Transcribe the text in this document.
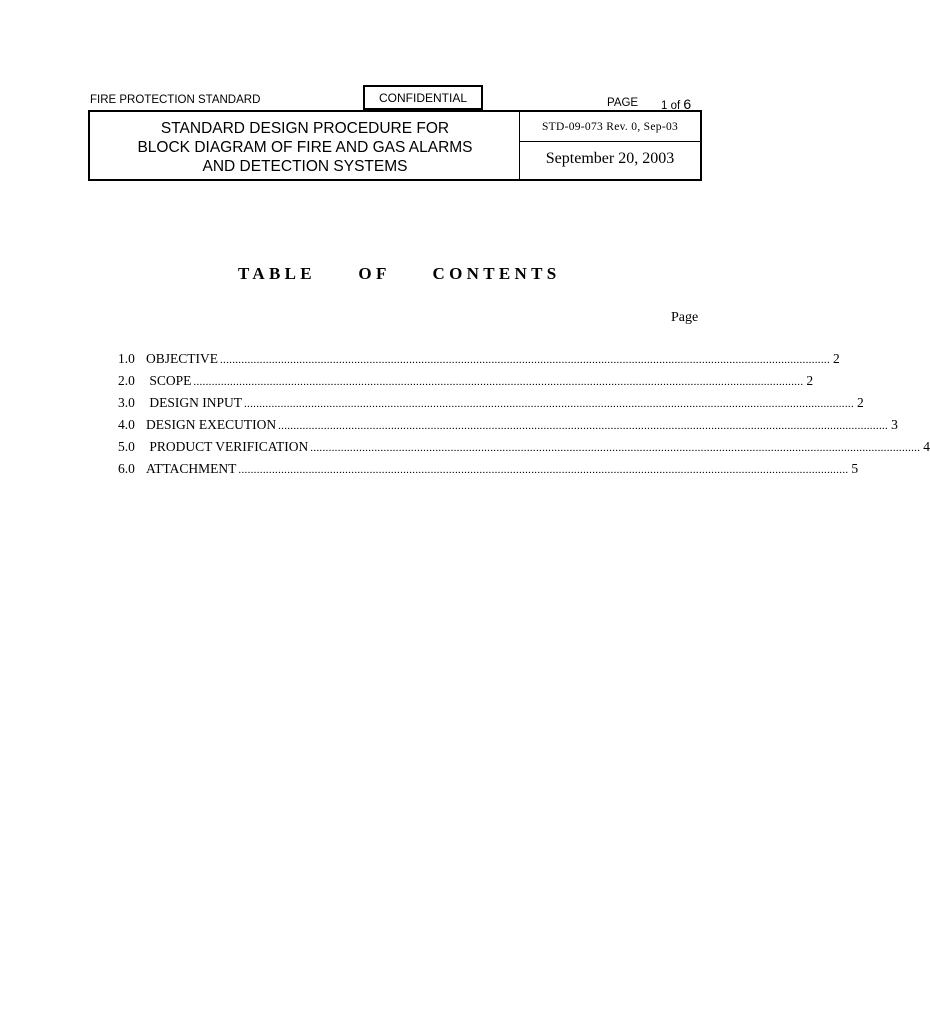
FIRE PROTECTION STANDARD	CONFIDENTIAL	PAGE 1 of 6
STANDARD DESIGN PROCEDURE FOR
BLOCK DIAGRAM OF FIRE AND GAS ALARMS
AND DETECTION SYSTEMS
STD-09-073 Rev. 0, Sep-03
September 20, 2003
TABLE OF CONTENTS
Page
1.0 OBJECTIVE ........................................................................................................................................................................................................ 2
2.0 SCOPE ........................................................................................................................................................................................................ 2
3.0 DESIGN INPUT ........................................................................................................................................................................................................ 2
4.0 DESIGN EXECUTION ........................................................................................................................................................................................................ 3
5.0 PRODUCT VERIFICATION ........................................................................................................................................................................................................ 4
6.0 ATTACHMENT ........................................................................................................................................................................................................ 5
